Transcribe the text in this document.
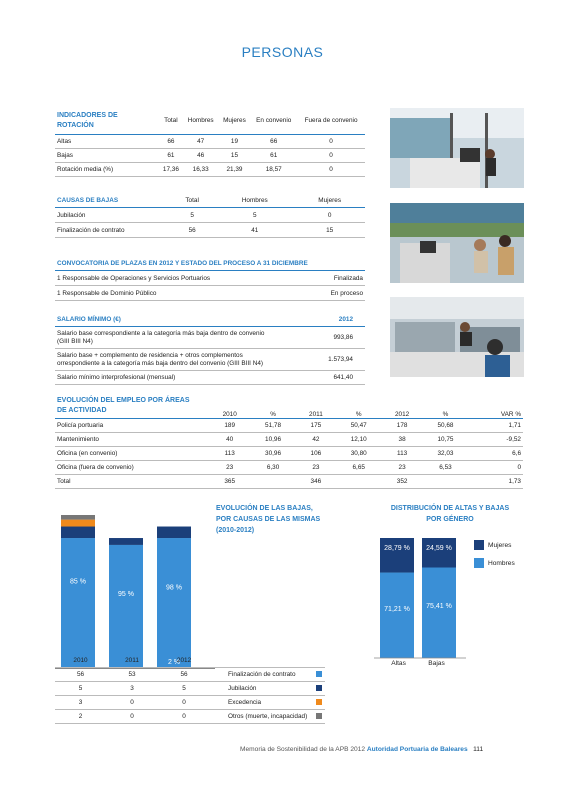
PERSONAS
INDICADORES DE
ROTACIÓN	Total	Hombres	Mujeres	En convenio	Fuera de convenio
Altas	66	47	19	66	0
Bajas	61	46	15	61	0
Rotación media (%)	17,36	16,33	21,39	18,57	0
CAUSAS DE BAJAS	Total	Hombres	Mujeres
Jubilación	5	5	0
Finalización de contrato	56	41	15
CONVOCATORIA DE PLAZAS EN 2012 Y ESTADO DEL PROCESO A 31 DICIEMBRE	
1 Responsable de Operaciones y Servicios Portuarios	Finalizada
1 Responsable de Dominio Público	En proceso
SALARIO MÍNIMO (€)	2012
Salario base correspondiente a la categoría más baja dentro de convenio
(GIII BIII N4)	993,86
Salario base + complemento de residencia + otros complementos
orrespondiente a la categoría más baja dentro del convenio (GIII BIII N4)	1.573,94
Salario mínimo interprofesional (mensual)	641,40
EVOLUCIÓN DEL EMPLEO POR ÁREAS
DE ACTIVIDAD	2010	%	2011	%	2012	%	VAR %
Policía portuaria	189	51,78	175	50,47	178	50,68	1,71
Mantenimiento	40	10,96	42	12,10	38	10,75	-9,52
Oficina (en convenio)	113	30,96	106	30,80	113	32,03	6,6
Oficina (fuera de convenio)	23	6,30	23	6,65	23	6,53	0
Total	365		346		352		1,73
EVOLUCIÓN DE LAS BAJAS,
POR CAUSAS DE LAS MISMAS
(2010-2012)
85 %
95 %
98 %
2 %
2010	2011	2012		
56	53	56	Finalización de contrato	
5	3	5	Jubilación	
3	0	0	Excedencia	
2	0	0	Otros (muerte, incapacidad)	
DISTRIBUCIÓN DE ALTAS Y BAJAS
POR GÉNERO
28,79 %
71,21 %
24,59 %
75,41 %
Altas	Bajas
Mujeres
Hombres
Memoria de Sostenibilidad de la APB 2012 Autoridad Portuaria de Baleares 111
